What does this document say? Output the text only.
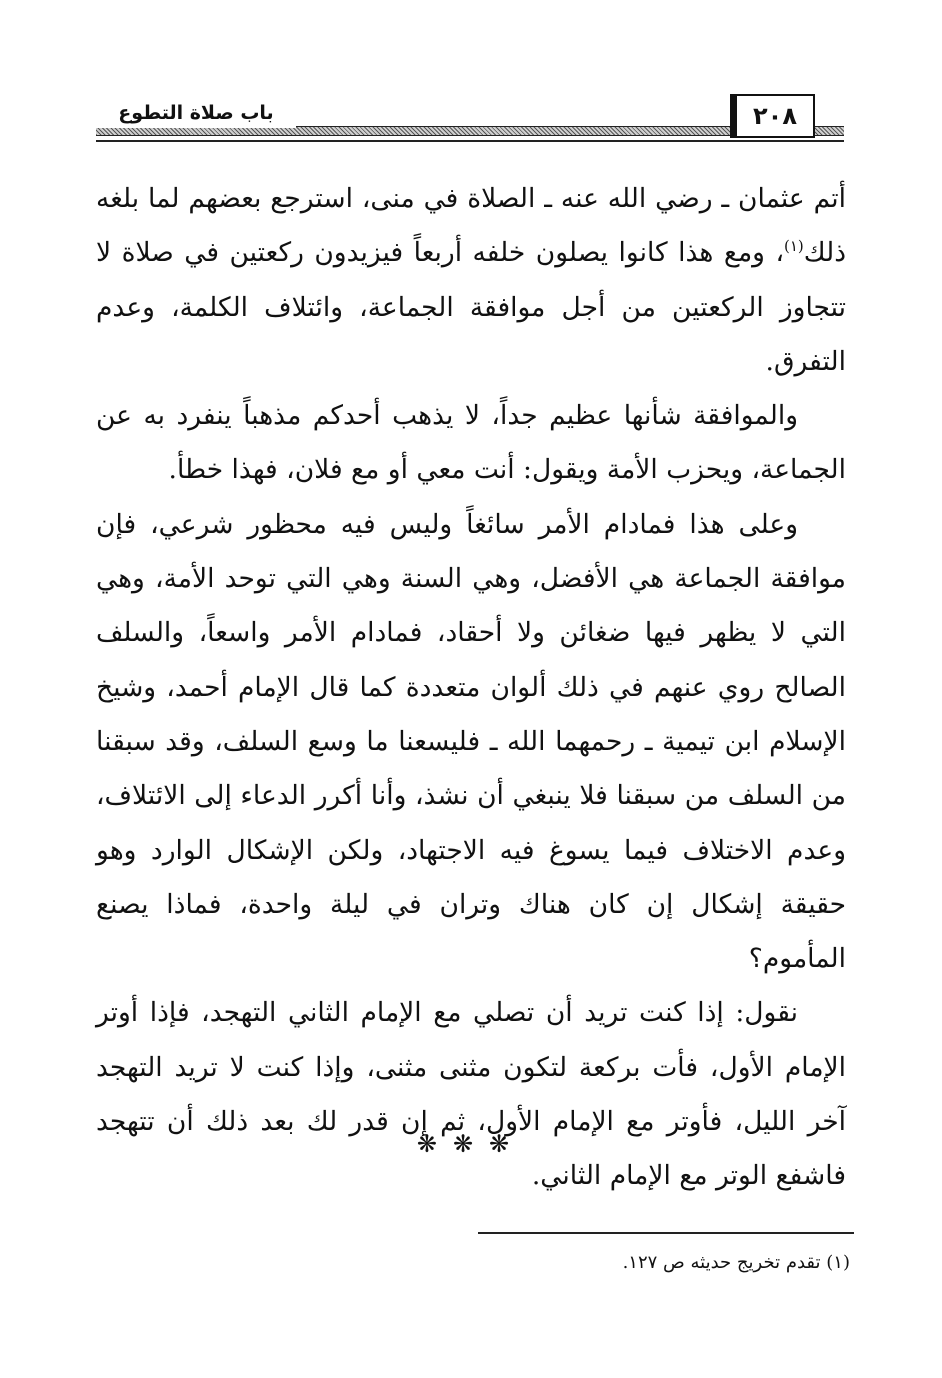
٢٠٨
باب صلاة التطوع

أتم عثمان ـ رضي الله عنه ـ الصلاة في منى، استرجع بعضهم لما بلغه ذلك$^{(١)}$، ومع هذا كانوا يصلون خلفه أربعاً فيزيدون ركعتين في صلاة لا تتجاوز الركعتين من أجل موافقة الجماعة، وائتلاف الكلمة، وعدم التفرق.

والموافقة شأنها عظيم جداً، لا يذهب أحدكم مذهباً ينفرد به عن الجماعة، ويحزب الأمة ويقول: أنت معي أو مع فلان، فهذا خطأ.

وعلى هذا فمادام الأمر سائغاً وليس فيه محظور شرعي، فإن موافقة الجماعة هي الأفضل، وهي السنة وهي التي توحد الأمة، وهي التي لا يظهر فيها ضغائن ولا أحقاد، فمادام الأمر واسعاً، والسلف الصالح روي عنهم في ذلك ألوان متعددة كما قال الإمام أحمد، وشيخ الإسلام ابن تيمية ـ رحمهما الله ـ فليسعنا ما وسع السلف، وقد سبقنا من السلف من سبقنا فلا ينبغي أن نشذ، وأنا أكرر الدعاء إلى الائتلاف، وعدم الاختلاف فيما يسوغ فيه الاجتهاد، ولكن الإشكال الوارد وهو حقيقة إشكال إن كان هناك وتران في ليلة واحدة، فماذا يصنع المأموم؟

نقول: إذا كنت تريد أن تصلي مع الإمام الثاني التهجد، فإذا أوتر الإمام الأول، فأت بركعة لتكون مثنى مثنى، وإذا كنت لا تريد التهجد آخر الليل، فأوتر مع الإمام الأول، ثم إن قدر لك بعد ذلك أن تتهجد فاشفع الوتر مع الإمام الثاني.

❋❋❋
(١) تقدم تخريج حديثه ص ١٢٧.
